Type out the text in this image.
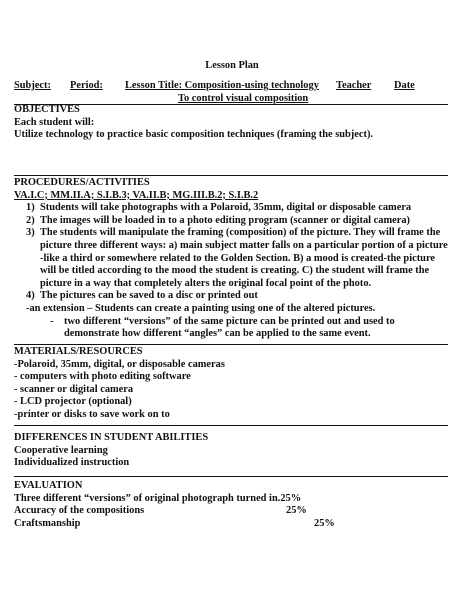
Lesson Plan
Subject: Period: Lesson Title: Composition-using technology Teacher Date
To control visual composition

OBJECTIVES

Each student will:

Utilize technology to practice basic composition techniques (framing the subject).

PROCEDURES/ACTIVITIES

VA.I.C; MM.II.A; S.I.B.3; VA.II.B; MG.III.B.2; S.I.B.2

1) Students will take photographs with a Polaroid, 35mm, digital or disposable camera
2) The images will be loaded in to a photo editing program (scanner or digital camera)
3) The students will manipulate the framing (composition) of the picture. They will frame the picture three different ways: a) main subject matter falls on a particular portion of a picture -like a third or somewhere related to the Golden Section. B) a mood is created-the picture will be titled according to the mood the student is creating. C) the student will frame the picture in a way that completely alters the original focal point of the photo.
4) The pictures can be saved to a disc or printed out

-an extension – Students can create a painting using one of the altered pictures.

- two different “versions” of the same picture can be printed out and used to demonstrate how different “angles” can be applied to the same event.

MATERIALS/RESOURCES

-Polaroid, 35mm, digital, or disposable cameras

- computers with photo editing software

- scanner or digital camera

- LCD projector (optional)

-printer or disks to save work on to

DIFFERENCES IN STUDENT ABILITIES

Cooperative learning

Individualized instruction

EVALUATION

Three different “versions” of original photograph turned in.25%
Accuracy of the compositions	25%
Craftsmanship	25%
